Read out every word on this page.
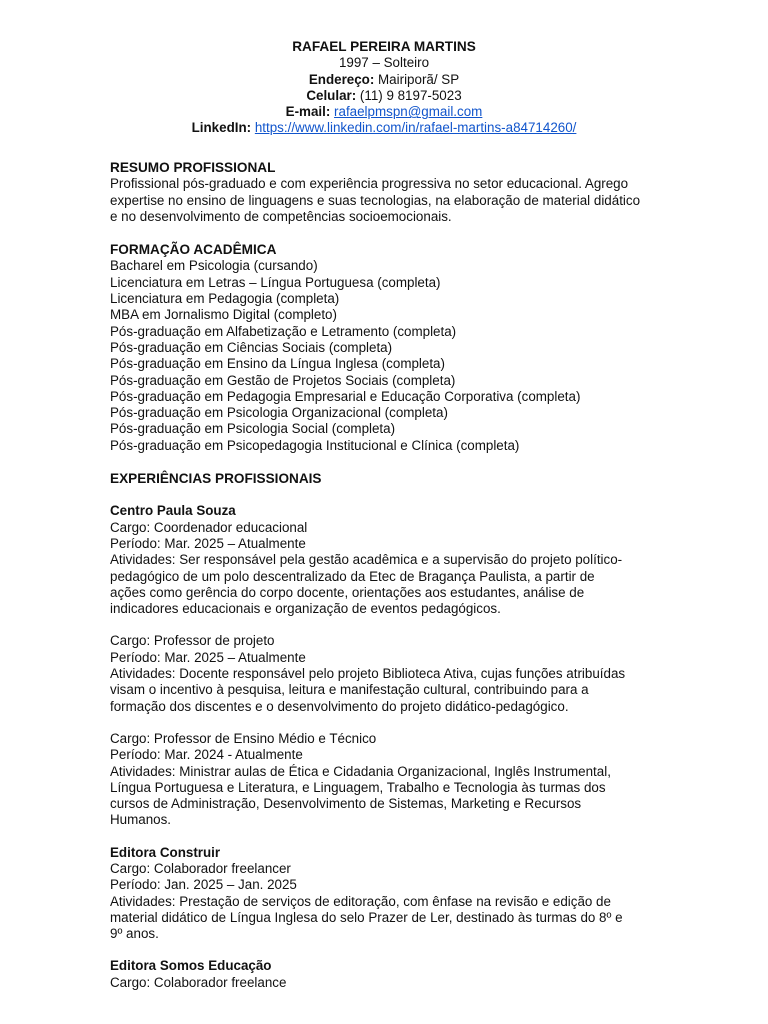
RAFAEL PEREIRA MARTINS
1997 – Solteiro
Endereço: Mairiporã/ SP
Celular: (11) 9 8197-5023
E-mail: rafaelpmspn@gmail.com
LinkedIn: https://www.linkedin.com/in/rafael-martins-a84714260/
RESUMO PROFISSIONAL
Profissional pós-graduado e com experiência progressiva no setor educacional. Agrego
expertise no ensino de linguagens e suas tecnologias, na elaboração de material didático
e no desenvolvimento de competências socioemocionais.
FORMAÇÃO ACADÊMICA
Bacharel em Psicologia (cursando)
Licenciatura em Letras – Língua Portuguesa (completa)
Licenciatura em Pedagogia (completa)
MBA em Jornalismo Digital (completo)
Pós-graduação em Alfabetização e Letramento (completa)
Pós-graduação em Ciências Sociais (completa)
Pós-graduação em Ensino da Língua Inglesa (completa)
Pós-graduação em Gestão de Projetos Sociais (completa)
Pós-graduação em Pedagogia Empresarial e Educação Corporativa (completa)
Pós-graduação em Psicologia Organizacional (completa)
Pós-graduação em Psicologia Social (completa)
Pós-graduação em Psicopedagogia Institucional e Clínica (completa)
EXPERIÊNCIAS PROFISSIONAIS
Centro Paula Souza
Cargo: Coordenador educacional
Período: Mar. 2025 – Atualmente
Atividades: Ser responsável pela gestão acadêmica e a supervisão do projeto político-
pedagógico de um polo descentralizado da Etec de Bragança Paulista, a partir de
ações como gerência do corpo docente, orientações aos estudantes, análise de
indicadores educacionais e organização de eventos pedagógicos.
Cargo: Professor de projeto
Período: Mar. 2025 – Atualmente
Atividades: Docente responsável pelo projeto Biblioteca Ativa, cujas funções atribuídas
visam o incentivo à pesquisa, leitura e manifestação cultural, contribuindo para a
formação dos discentes e o desenvolvimento do projeto didático-pedagógico.
Cargo: Professor de Ensino Médio e Técnico
Período: Mar. 2024 - Atualmente
Atividades: Ministrar aulas de Ética e Cidadania Organizacional, Inglês Instrumental,
Língua Portuguesa e Literatura, e Linguagem, Trabalho e Tecnologia às turmas dos
cursos de Administração, Desenvolvimento de Sistemas, Marketing e Recursos
Humanos.
Editora Construir
Cargo: Colaborador freelancer
Período: Jan. 2025 – Jan. 2025
Atividades: Prestação de serviços de editoração, com ênfase na revisão e edição de
material didático de Língua Inglesa do selo Prazer de Ler, destinado às turmas do 8º e
9º anos.
Editora Somos Educação
Cargo: Colaborador freelance
